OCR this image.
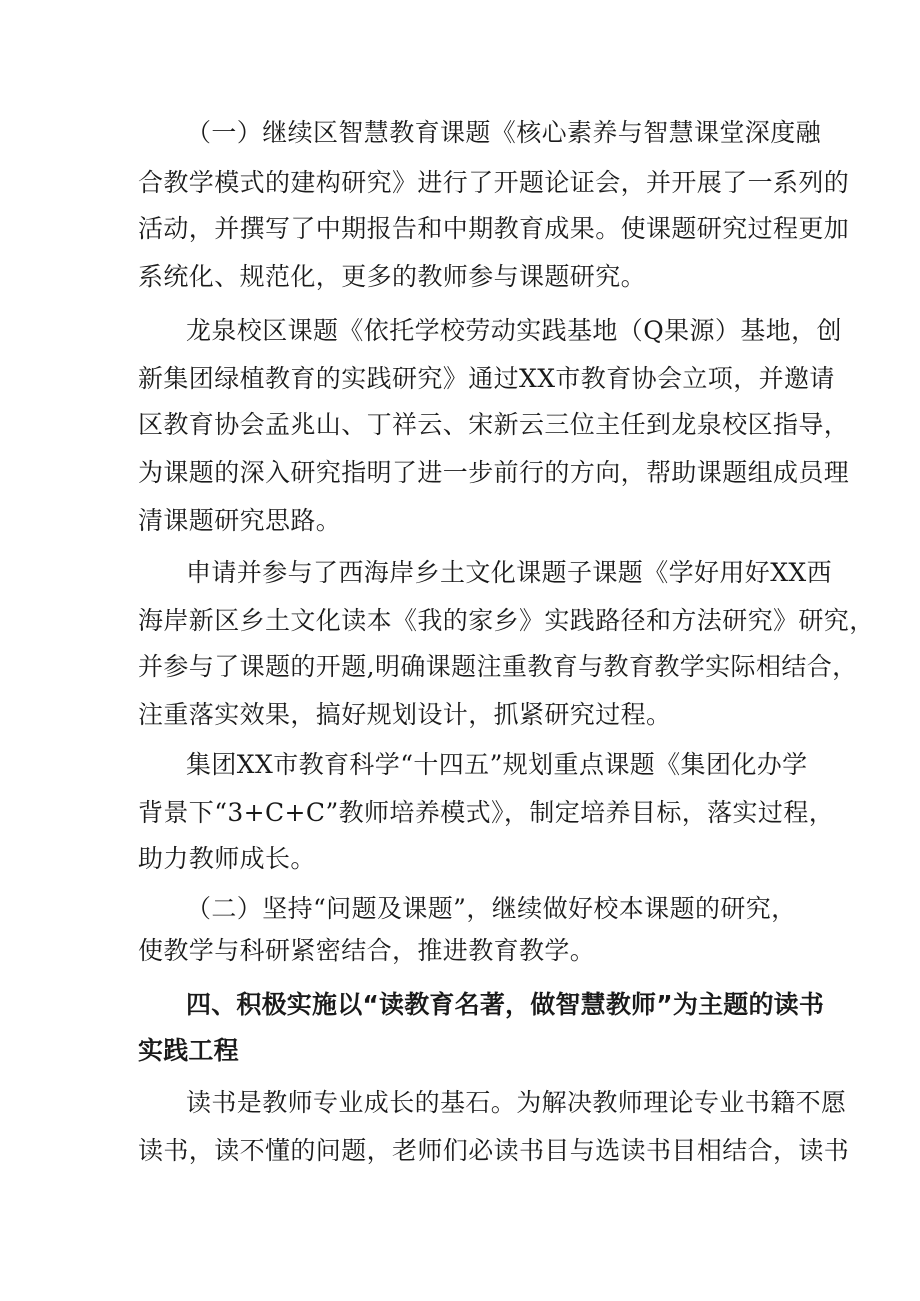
（一）继续区智慧教育课题《核心素养与智慧课堂深度融
合教学模式的建构研究》进行了开题论证会，并开展了一系列的
活动，并撰写了中期报告和中期教育成果。使课题研究过程更加
系统化、规范化，更多的教师参与课题研究。
龙泉校区课题《依托学校劳动实践基地（Q果源）基地，创
新集团绿植教育的实践研究》通过XX市教育协会立项，并邀请
区教育协会孟兆山、丁祥云、宋新云三位主任到龙泉校区指导，
为课题的深入研究指明了进一步前行的方向，帮助课题组成员理
清课题研究思路。
申请并参与了西海岸乡土文化课题子课题《学好用好XX西
海岸新区乡土文化读本《我的家乡》实践路径和方法研究》研究，
并参与了课题的开题,明确课题注重教育与教育教学实际相结合，
注重落实效果，搞好规划设计，抓紧研究过程。
集团XX市教育科学“十四五”规划重点课题《集团化办学
背景下“3+C+C”教师培养模式》，制定培养目标，落实过程，
助力教师成长。
（二）坚持“问题及课题”，继续做好校本课题的研究，
使教学与科研紧密结合，推进教育教学。
四、积极实施以“读教育名著，做智慧教师”为主题的读书
实践工程
读书是教师专业成长的基石。为解决教师理论专业书籍不愿
读书，读不懂的问题，老师们必读书目与选读书目相结合，读书
